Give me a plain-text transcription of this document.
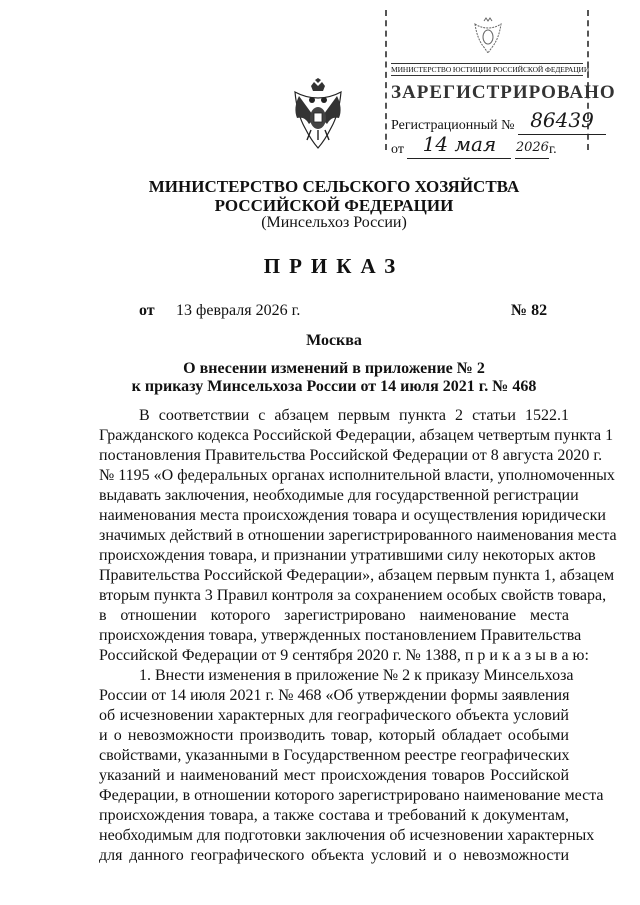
МИНИСТЕРСТВО ЮСТИЦИИ РОССИЙСКОЙ ФЕДЕРАЦИИ
ЗАРЕГИСТРИРОВАНО
Регистрационный № 86439
от 14 мая 2026г.
МИНИСТЕРСТВО СЕЛЬСКОГО ХОЗЯЙСТВА
РОССИЙСКОЙ ФЕДЕРАЦИИ
(Минсельхоз России)
ПРИКАЗ
от 13 февраля 2026 г.	№ 82
Москва
О внесении изменений в приложение № 2
к приказу Минсельхоза России от 14 июля 2021 г. № 468
В соответствии с абзацем первым пункта 2 статьи 1522.1
Гражданского кодекса Российской Федерации, абзацем четвертым пункта 1
постановления Правительства Российской Федерации от 8 августа 2020 г.
№ 1195 «О федеральных органах исполнительной власти, уполномоченных
выдавать заключения, необходимые для государственной регистрации
наименования места происхождения товара и осуществления юридически
значимых действий в отношении зарегистрированного наименования места
происхождения товара, и признании утратившими силу некоторых актов
Правительства Российской Федерации», абзацем первым пункта 1, абзацем
вторым пункта 3 Правил контроля за сохранением особых свойств товара,
в отношении которого зарегистрировано наименование места
происхождения товара, утвержденных постановлением Правительства
Российской Федерации от 9 сентября 2020 г. № 1388, п р и к а з ы в а ю:
1. Внести изменения в приложение № 2 к приказу Минсельхоза
России от 14 июля 2021 г. № 468 «Об утверждении формы заявления
об исчезновении характерных для географического объекта условий
и о невозможности производить товар, который обладает особыми
свойствами, указанными в Государственном реестре географических
указаний и наименований мест происхождения товаров Российской
Федерации, в отношении которого зарегистрировано наименование места
происхождения товара, а также состава и требований к документам,
необходимым для подготовки заключения об исчезновении характерных
для данного географического объекта условий и о невозможности
